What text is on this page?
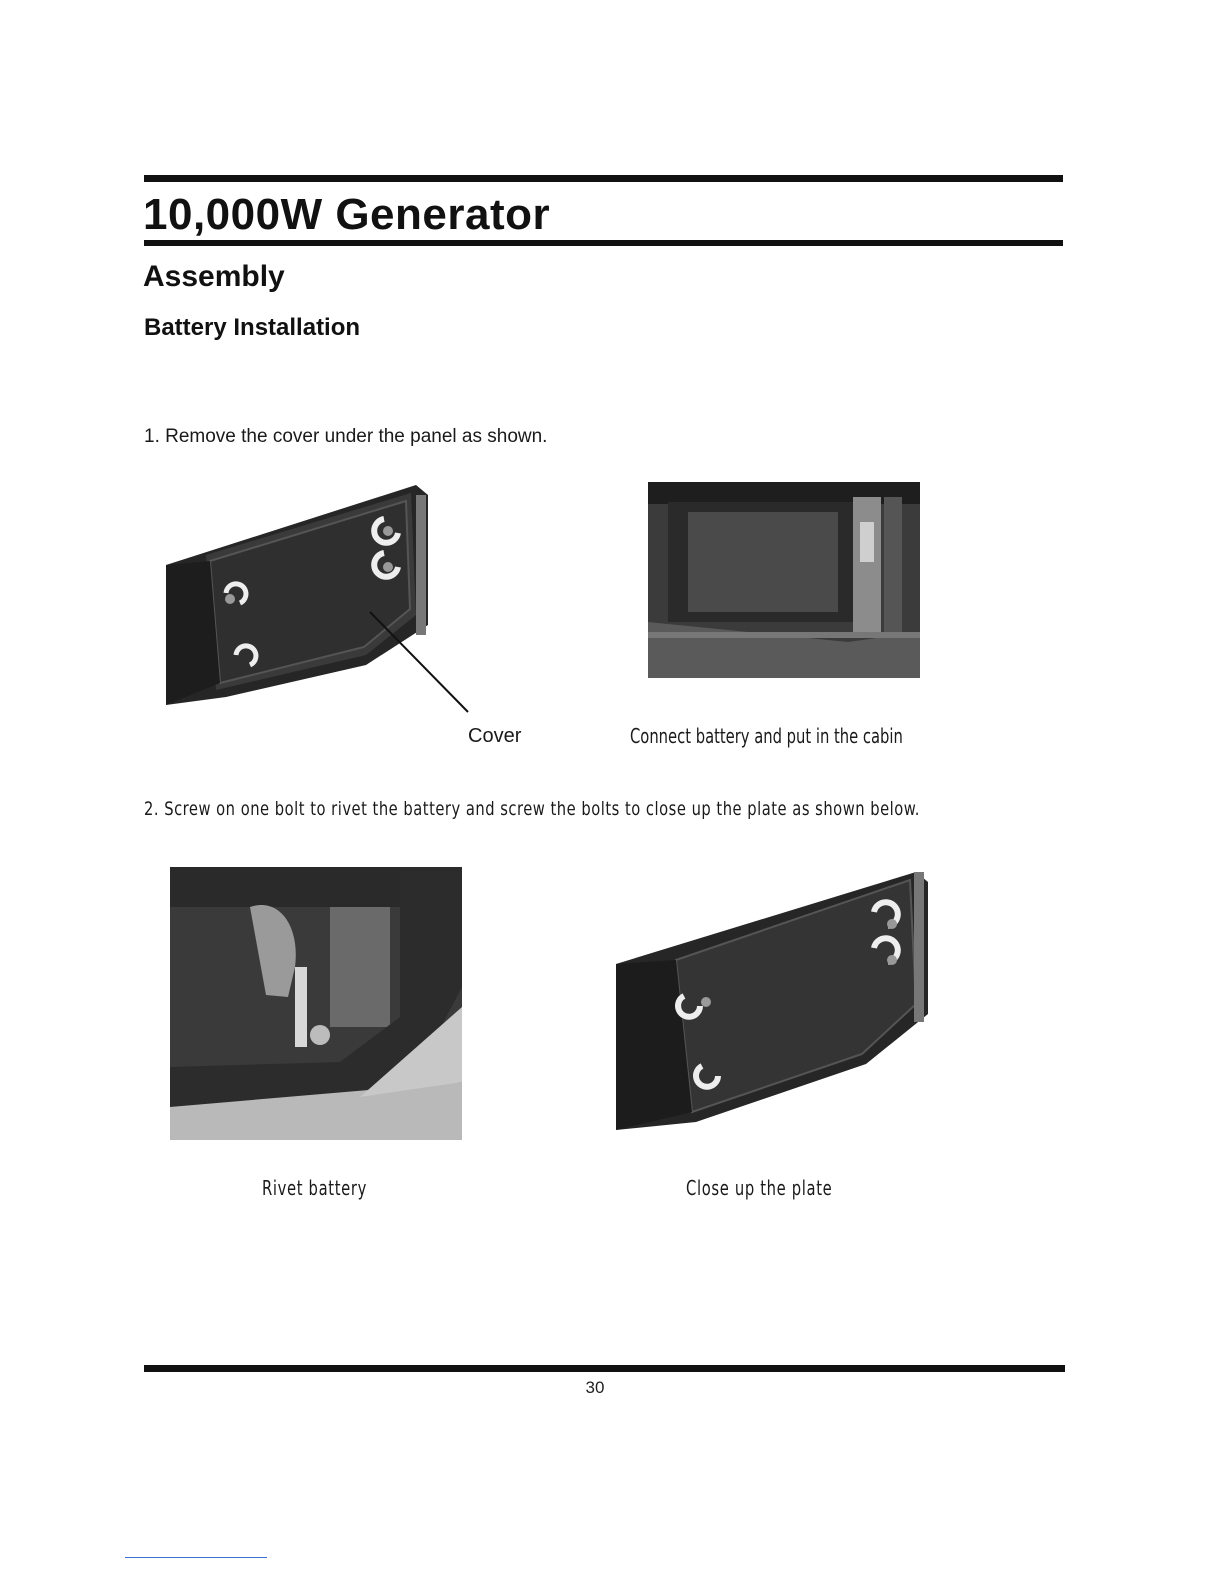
10,000W Generator
Assembly
Battery Installation

1. Remove the cover under the panel as shown.

Cover	Connect battery and put in the cabin

2. Screw on one bolt to rivet the battery and screw the bolts to close up the plate as shown below.

Rivet battery	Close up the plate

30
